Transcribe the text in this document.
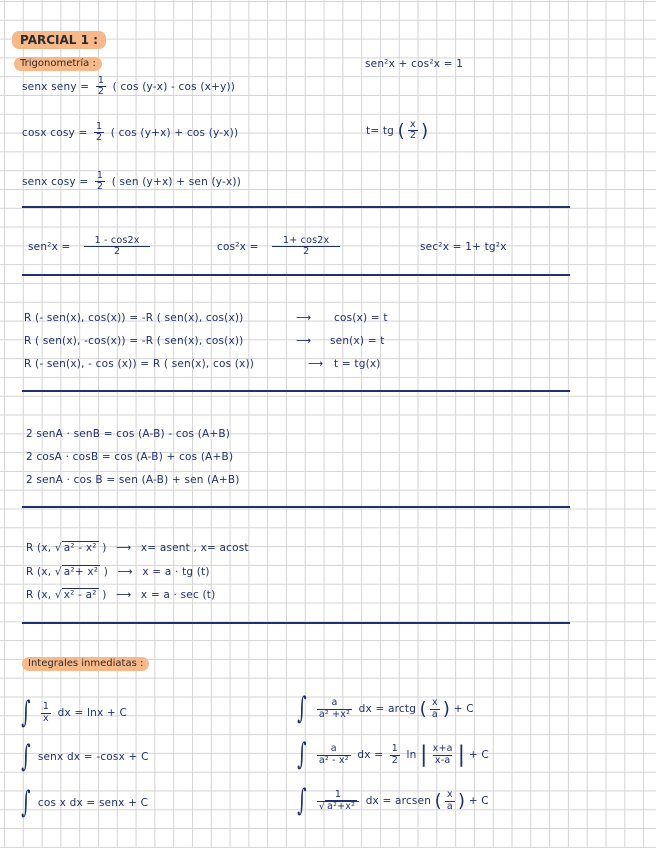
PARCIAL 1 :
Trigonometría :	sen²x + cos²x = 1
senx seny = $\frac{1}{2}$ ( cos (y-x) - cos (x+y))
cosx $\cos y = \frac{1}{2}$ ( cos (y+x) + cos (y-x))	t= tg ( $\frac{x}{2}$ )
senx $\cos y = \frac{1}{2}$ ( sen (y+x) + sen (y-x))
$sen^2x = \frac{1 - \cos 2x}{2}$	$\cos^2x = \frac{1+ \cos 2x}{2}$	sec²x = 1+ tg²x
R (- sen(x), cos(x)) = -R ( sen(x), cos(x))	⟶ cos(x) = t
R ( sen(x), -cos(x)) = -R ( sen(x), cos(x))	⟶ sen(x) = t
R (- sen(x), - cos (x)) = R ( sen(x), cos (x))	⟶ t = tg(x)
2 senA · senB = cos (A-B) - cos (A+B)
2 cosA · cosB = cos (A-B) + cos (A+B)
2 senA · cos B = sen (A-B) + sen (A+B)
R (x, √ a² - x² ) ⟶ x= asent , x= acost
R (x, √ a²+ x² ) ⟶ x = a · tg (t)
R (x, √ x² - a² ) ⟶ x = a · sec (t)
Integrales inmediatas :
∫ $\frac{1}{x}$ dx = lnx + C
∫ senx dx = -cosx + C
∫ cos x dx = senx + C
∫ $\frac{a}{\text{a² +x²}}$ dx = arctg ( $\frac{x}{a}$ ) + C
∫ $\frac{a}{\text{a² - x²}}$ dx = $\frac{1}{2}$ ln | $\frac{x+a}{x-a}$ | + C
∫ $\frac{1}{\text{√ a²+x²}}$ dx = arcsen ( $\frac{x}{a}$ ) + C
